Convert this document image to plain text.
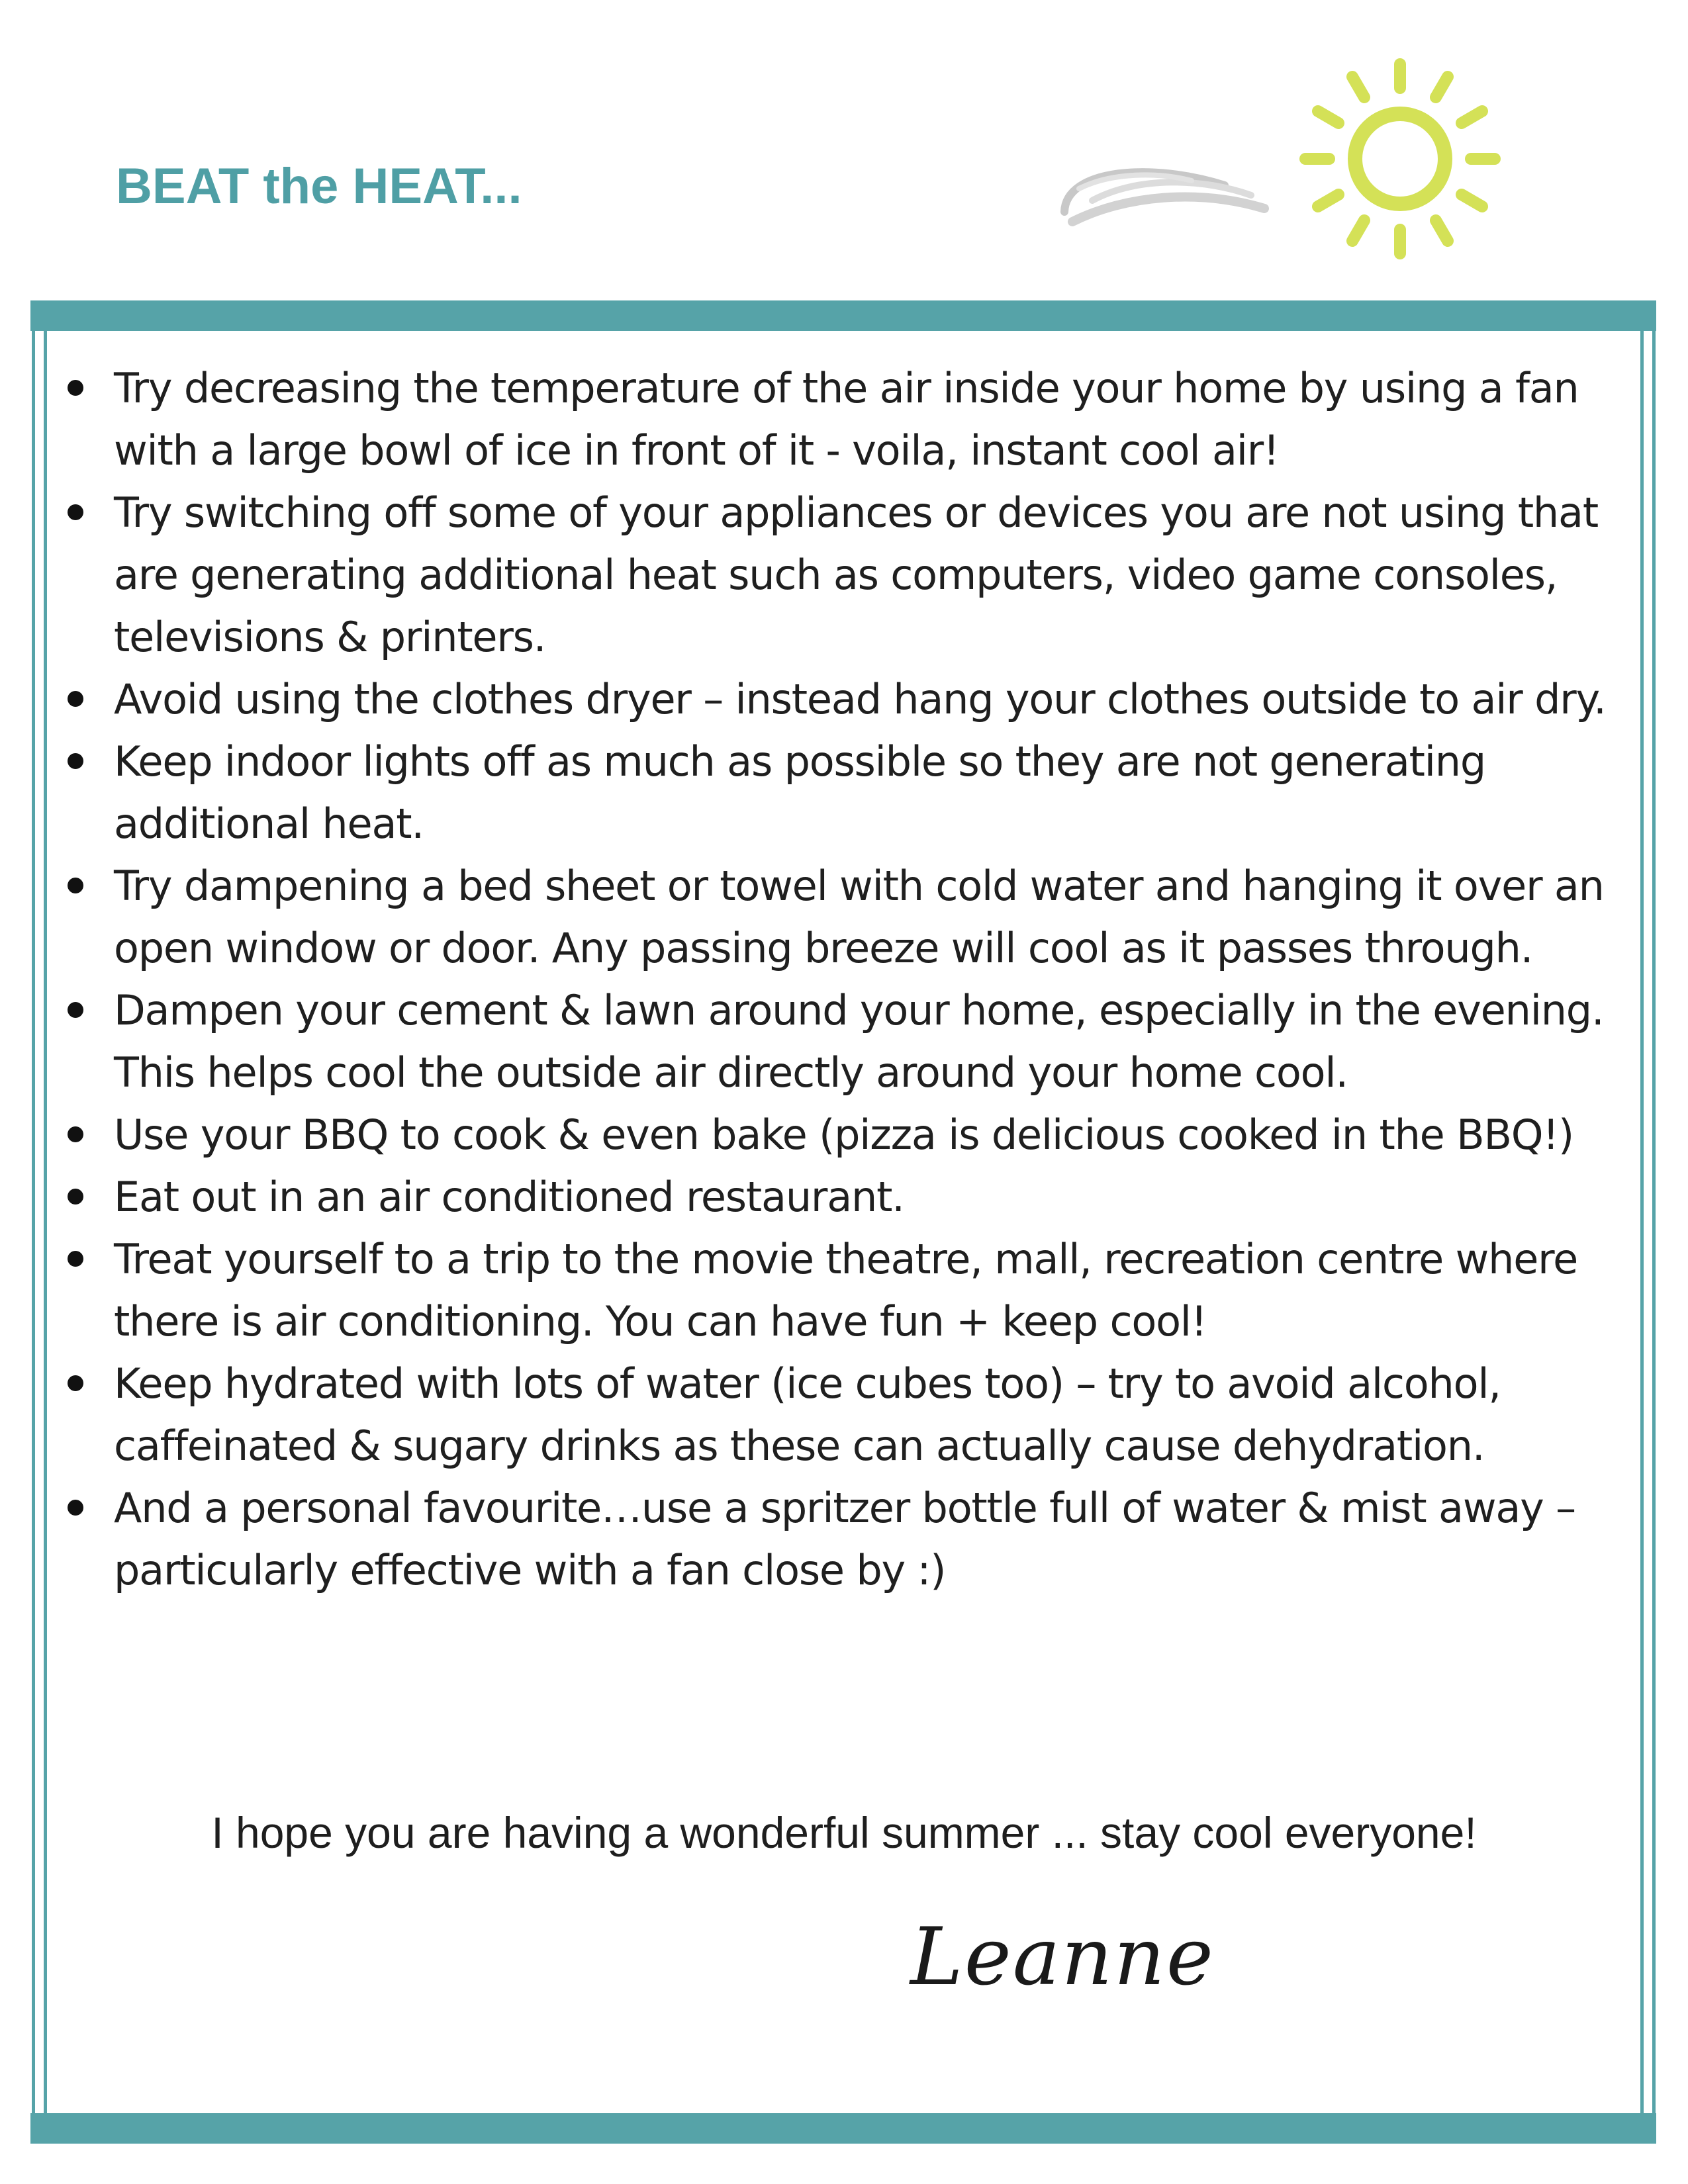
BEAT the HEAT...
Try decreasing the temperature of the air inside your home by using a fan with a large bowl of ice in front of it - voila, instant cool air!
Try switching off some of your appliances or devices you are not using that are generating additional heat such as computers, video game consoles, televisions & printers.
Avoid using the clothes dryer – instead hang your clothes outside to air dry.
Keep indoor lights off as much as possible so they are not generating additional heat.
Try dampening a bed sheet or towel with cold water and hanging it over an open window or door. Any passing breeze will cool as it passes through.
Dampen your cement & lawn around your home, especially in the evening. This helps cool the outside air directly around your home cool.
Use your BBQ to cook & even bake (pizza is delicious cooked in the BBQ!)
Eat out in an air conditioned restaurant.
Treat yourself to a trip to the movie theatre, mall, recreation centre where there is air conditioning. You can have fun + keep cool!
Keep hydrated with lots of water (ice cubes too) – try to avoid alcohol, caffeinated & sugary drinks as these can actually cause dehydration.
And a personal favourite…use a spritzer bottle full of water & mist away – particularly effective with a fan close by :)

I hope you are having a wonderful summer ... stay cool everyone!

Leanne
